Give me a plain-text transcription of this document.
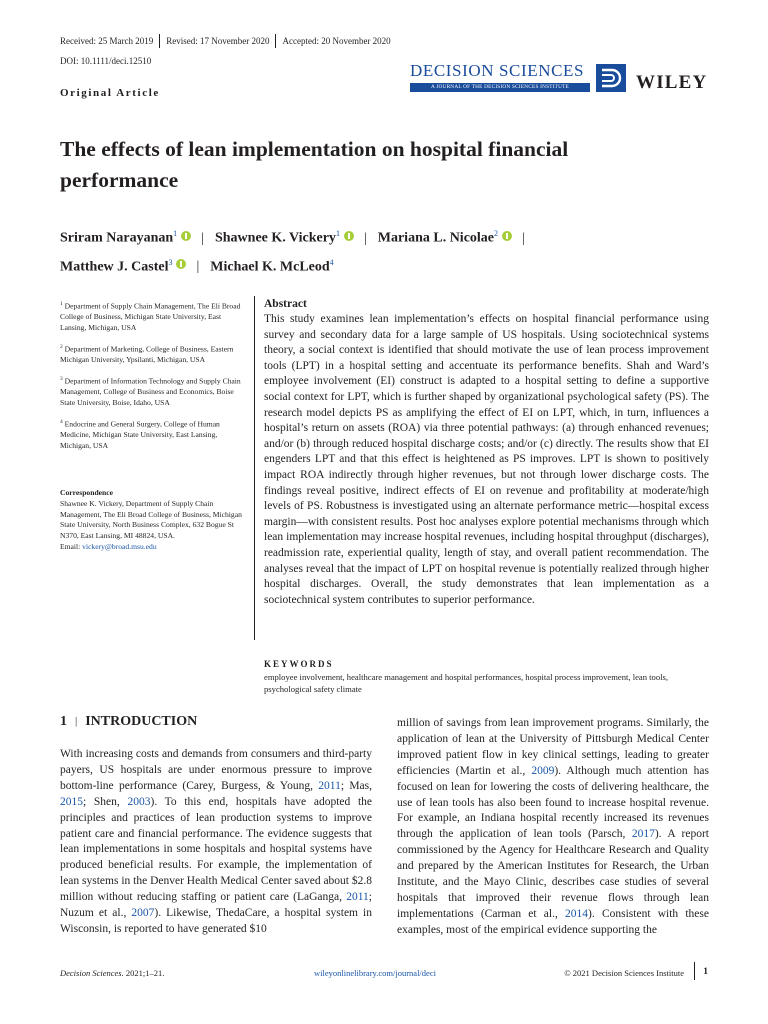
Received: 25 March 2019 Revised: 17 November 2020 Accepted: 20 November 2020
DOI: 10.1111/deci.12510
Original Article
DECISION SCIENCES
A JOURNAL OF THE DECISION SCIENCES INSTITUTE	WILEY
The effects of lean implementation on hospital financial performance
Sriram Narayanan$^1$ | Shawnee K. Vickery$^1$ | Mariana L. Nicolae$^2$ |
Matthew J. Castel$^3$ | Michael K. McLeod$^4$
$^1$ Department of Supply Chain Management, The Eli Broad College of Business, Michigan State University, East Lansing, Michigan, USA
$^2$ Department of Marketing, College of Business, Eastern Michigan University, Ypsilanti, Michigan, USA
$^3$ Department of Information Technology and Supply Chain Management, College of Business and Economics, Boise State University, Boise, Idaho, USA
$^4$ Endocrine and General Surgery, College of Human Medicine, Michigan State University, East Lansing, Michigan, USA
Correspondence
Shawnee K. Vickery, Department of Supply Chain Management, The Eli Broad College of Business, Michigan State University, North Business Complex, 632 Bogue St N370, East Lansing, MI 48824, USA.
Email: vickery@broad.msu.edu
Abstract

This study examines lean implementation’s effects on hospital financial performance using survey and secondary data for a large sample of US hospitals. Using sociotechnical systems theory, a social context is identified that should motivate the use of lean process improvement tools (LPT) in a hospital setting and accentuate its performance benefits. Shah and Ward’s employee involvement (EI) construct is adapted to a hospital setting to define a supportive social context for LPT, which is further shaped by organizational psychological safety (PS). The research model depicts PS as amplifying the effect of EI on LPT, which, in turn, influences a hospital’s return on assets (ROA) via three potential pathways: (a) through enhanced revenues; and/or (b) through reduced hospital discharge costs; and/or (c) directly. The results show that EI engenders LPT and that this effect is heightened as PS improves. LPT is shown to positively impact ROA indirectly through higher revenues, but not through lower discharge costs. The findings reveal positive, indirect effects of EI on revenue and profitability at moderate/high levels of PS. Robustness is investigated using an alternate performance metric—hospital excess margin—with consistent results. Post hoc analyses explore potential mechanisms through which lean implementation may increase hospital revenues, including hospital throughput (discharges), readmission rate, experiential quality, length of stay, and overall patient recommendation. The analyses reveal that the impact of LPT on hospital revenue is potentially realized through higher hospital discharges. Overall, the study demonstrates that lean implementation as a sociotechnical system contributes to superior performance.

KEYWORDS
employee involvement, healthcare management and hospital performances, hospital process improvement, lean tools, psychological safety climate
1 | INTRODUCTION

With increasing costs and demands from consumers and third-party payers, US hospitals are under enormous pressure to improve bottom-line performance (Carey, Burgess, & Young, 2011; Mas, 2015; Shen, 2003). To this end, hospitals have adopted the principles and practices of lean production systems to improve patient care and financial performance. The evidence suggests that lean implementations in some hospitals and hospital systems have produced beneficial results. For example, the implementation of lean systems in the Denver Health Medical Center saved about $2.8 million without reducing staffing or patient care (LaGanga, 2011; Nuzum et al., 2007). Likewise, ThedaCare, a hospital system in Wisconsin, is reported to have generated $10

million of savings from lean improvement programs. Similarly, the application of lean at the University of Pittsburgh Medical Center improved patient flow in key clinical settings, leading to greater efficiencies (Martin et al., 2009). Although much attention has focused on lean for lowering the costs of delivering healthcare, the use of lean tools has also been found to increase hospital revenue. For example, an Indiana hospital recently increased its revenues through the application of lean tools (Parsch, 2017). A report commissioned by the Agency for Healthcare Research and Quality and prepared by the American Institutes for Research, the Urban Institute, and the Mayo Clinic, describes case studies of several hospitals that improved their revenue flows through lean implementations (Carman et al., 2014). Consistent with these examples, most of the empirical evidence supporting the

Decision Sciences. 2021;1–21.	wileyonlinelibrary.com/journal/deci	© 2021 Decision Sciences Institute 1
